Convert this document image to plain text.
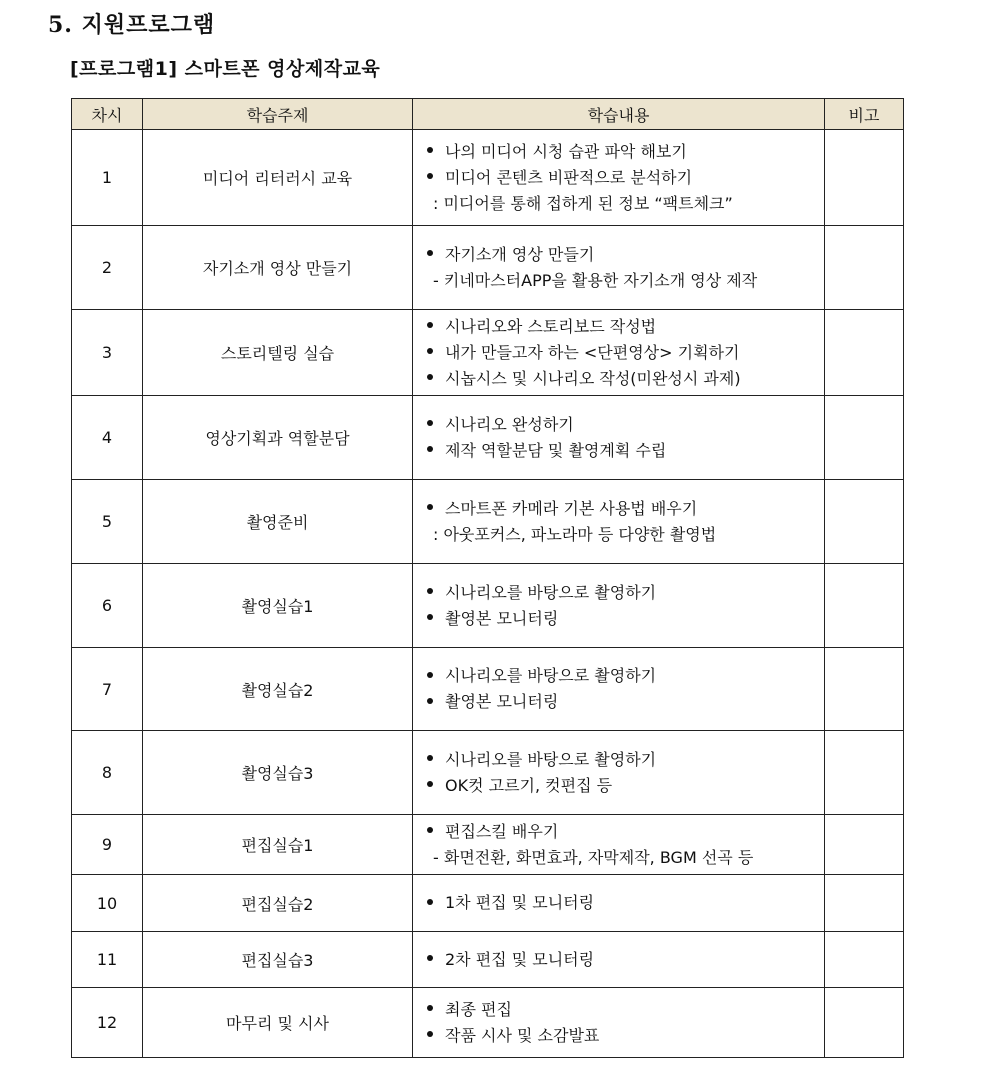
5. 지원프로그램
[프로그램1] 스마트폰 영상제작교육
차시	학습주제	학습내용	비고
1	미디어 리터러시 교육	나의 미디어 시청 습관 파악 해보기
미디어 콘텐츠 비판적으로 분석하기
: 미디어를 통해 접하게 된 정보 “팩트체크”	

2	자기소개 영상 만들기	자기소개 영상 만들기
- 키네마스터APP을 활용한 자기소개 영상 제작	

3	스토리텔링 실습	시나리오와 스토리보드 작성법
내가 만들고자 하는 <단편영상> 기획하기
시놉시스 및 시나리오 작성(미완성시 과제)	

4	영상기획과 역할분담	시나리오 완성하기
제작 역할분담 및 촬영계획 수립	

5	촬영준비	스마트폰 카메라 기본 사용법 배우기
: 아웃포커스, 파노라마 등 다양한 촬영법	

6	촬영실습1	시나리오를 바탕으로 촬영하기
촬영본 모니터링	

7	촬영실습2	시나리오를 바탕으로 촬영하기
촬영본 모니터링	

8	촬영실습3	시나리오를 바탕으로 촬영하기
OK컷 고르기, 컷편집 등	

9	편집실습1	편집스킬 배우기
- 화면전환, 화면효과, 자막제작, BGM 선곡 등	

10	편집실습2	1차 편집 및 모니터링	

11	편집실습3	2차 편집 및 모니터링	

12	마무리 및 시사	최종 편집
작품 시사 및 소감발표	
